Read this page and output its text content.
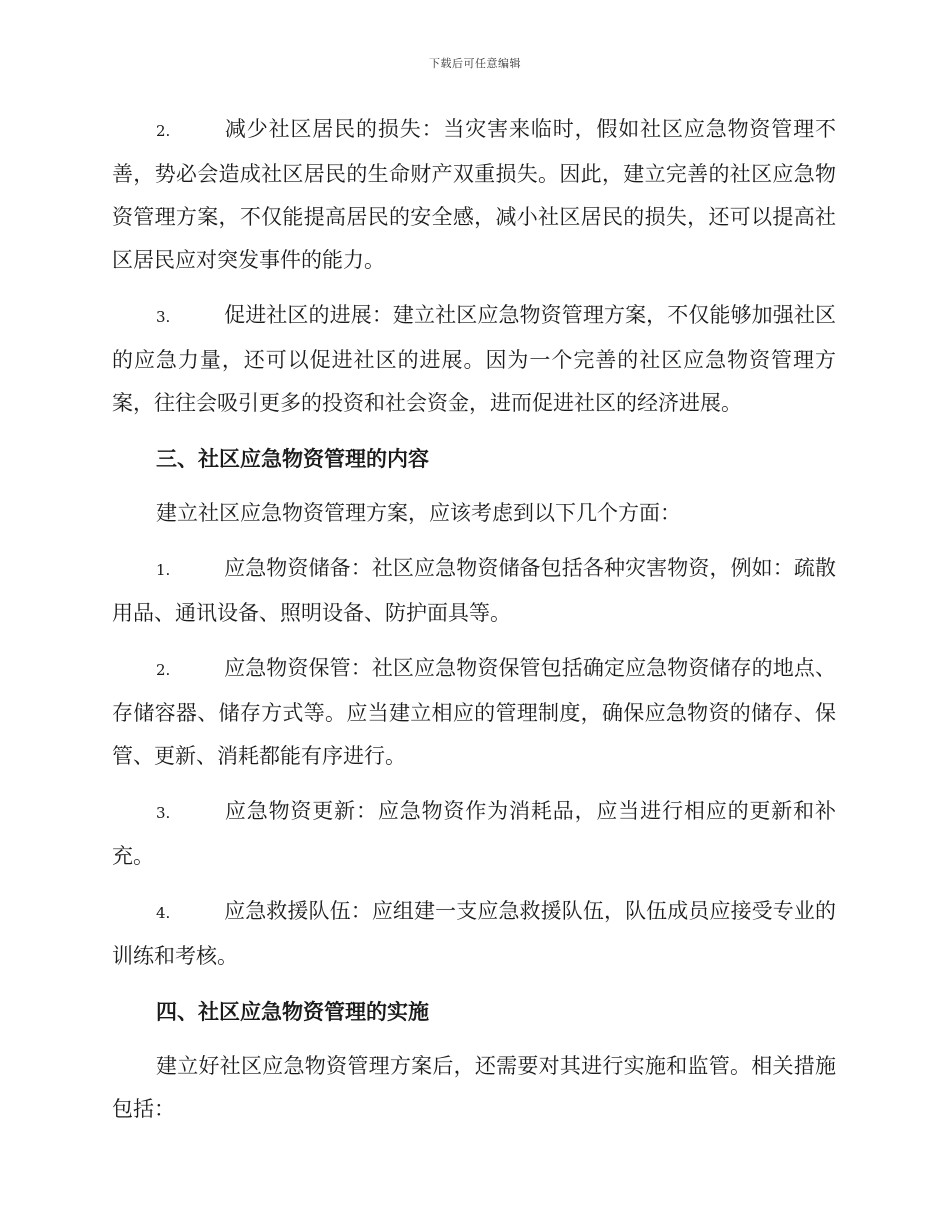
下载后可任意编辑

2.	减少社区居民的损失：当灾害来临时，假如社区应急物资管理不善，势必会造成社区居民的生命财产双重损失。因此，建立完善的社区应急物资管理方案，不仅能提高居民的安全感，减小社区居民的损失，还可以提高社区居民应对突发事件的能力。

3.	促进社区的进展：建立社区应急物资管理方案，不仅能够加强社区的应急力量，还可以促进社区的进展。因为一个完善的社区应急物资管理方案，往往会吸引更多的投资和社会资金，进而促进社区的经济进展。

三、社区应急物资管理的内容

建立社区应急物资管理方案，应该考虑到以下几个方面：

1.	应急物资储备：社区应急物资储备包括各种灾害物资，例如：疏散用品、通讯设备、照明设备、防护面具等。

2.	应急物资保管：社区应急物资保管包括确定应急物资储存的地点、存储容器、储存方式等。应当建立相应的管理制度，确保应急物资的储存、保管、更新、消耗都能有序进行。

3.	应急物资更新：应急物资作为消耗品，应当进行相应的更新和补充。

4.	应急救援队伍：应组建一支应急救援队伍，队伍成员应接受专业的训练和考核。

四、社区应急物资管理的实施

建立好社区应急物资管理方案后，还需要对其进行实施和监管。相关措施包括：
